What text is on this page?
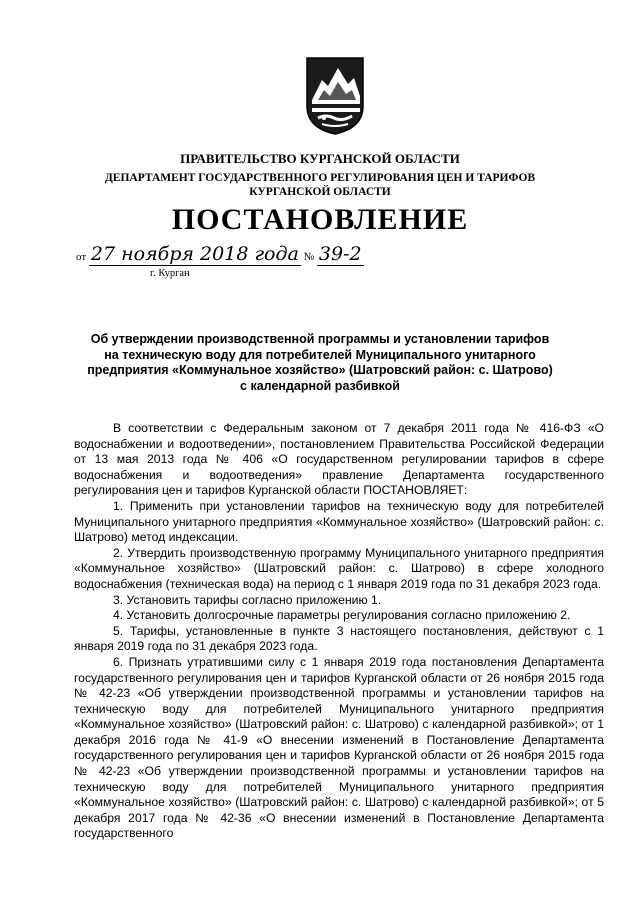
ПРАВИТЕЛЬСТВО КУРГАНСКОЙ ОБЛАСТИ
ДЕПАРТАМЕНТ ГОСУДАРСТВЕННОГО РЕГУЛИРОВАНИЯ ЦЕН И ТАРИФОВ
КУРГАНСКОЙ ОБЛАСТИ
ПОСТАНОВЛЕНИЕ
от 27 ноября 2018 года № 39-2
г. Курган
Об утверждении производственной программы и установлении тарифов
на техническую воду для потребителей Муниципального унитарного
предприятия «Коммунальное хозяйство» (Шатровский район: с. Шатрово)
с календарной разбивкой

В соответствии с Федеральным законом от 7 декабря 2011 года № 416-ФЗ «О водоснабжении и водоотведении», постановлением Правительства Российской Федерации от 13 мая 2013 года № 406 «О государственном регулировании тарифов в сфере водоснабжения и водоотведения» правление Департамента государственного регулирования цен и тарифов Курганской области ПОСТАНОВЛЯЕТ:

1. Применить при установлении тарифов на техническую воду для потребителей Муниципального унитарного предприятия «Коммунальное хозяйство» (Шатровский район: с. Шатрово) метод индексации.

2. Утвердить производственную программу Муниципального унитарного предприятия «Коммунальное хозяйство» (Шатровский район: с. Шатрово) в сфере холодного водоснабжения (техническая вода) на период с 1 января 2019 года по 31 декабря 2023 года.

3. Установить тарифы согласно приложению 1.

4. Установить долгосрочные параметры регулирования согласно приложению 2.

5. Тарифы, установленные в пункте 3 настоящего постановления, действуют с 1 января 2019 года по 31 декабря 2023 года.

6. Признать утратившими силу с 1 января 2019 года постановления Департамента государственного регулирования цен и тарифов Курганской области от 26 ноября 2015 года № 42-23 «Об утверждении производственной программы и установлении тарифов на техническую воду для потребителей Муниципального унитарного предприятия «Коммунальное хозяйство» (Шатровский район: с. Шатрово) с календарной разбивкой»; от 1 декабря 2016 года № 41-9 «О внесении изменений в Постановление Департамента государственного регулирования цен и тарифов Курганской области от 26 ноября 2015 года № 42-23 «Об утверждении производственной программы и установлении тарифов на техническую воду для потребителей Муниципального унитарного предприятия «Коммунальное хозяйство» (Шатровский район: с. Шатрово) с календарной разбивкой»; от 5 декабря 2017 года № 42-36 «О внесении изменений в Постановление Департамента государственного
